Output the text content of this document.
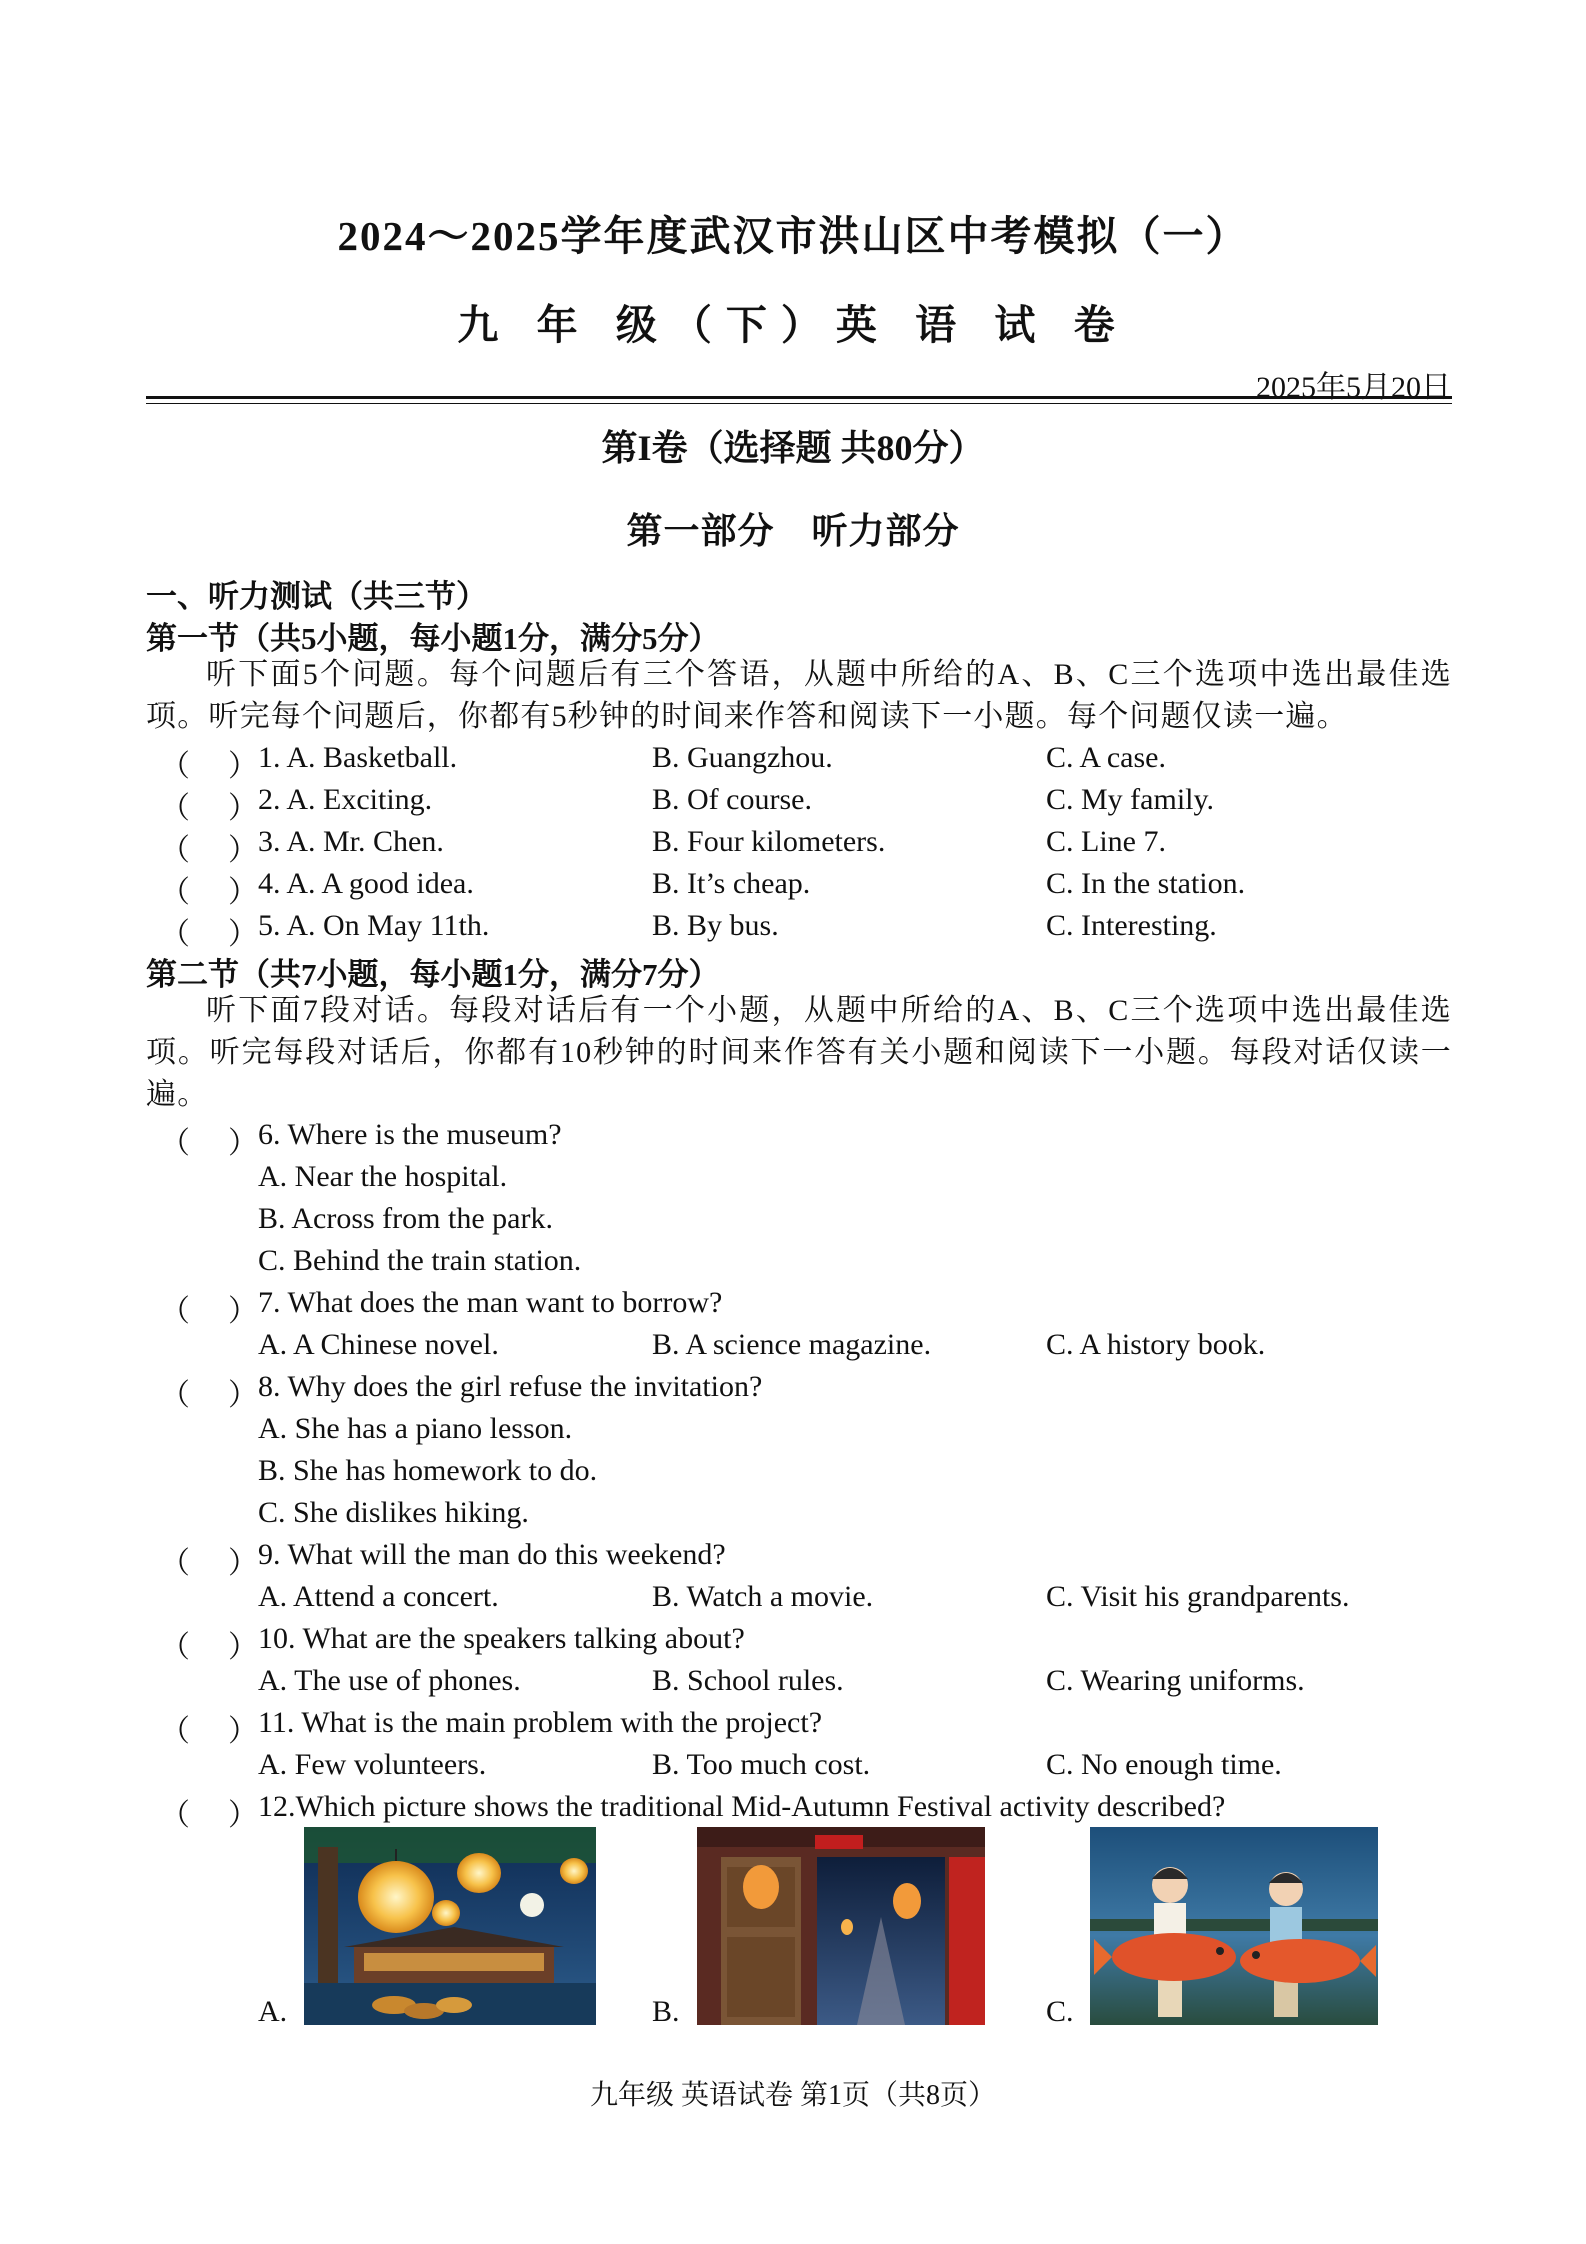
2024～2025学年度武汉市洪山区中考模拟（一）
九 年 级（下）英 语 试 卷
2025年5月20日
第I卷（选择题 共80分）
第一部分　听力部分
一、听力测试（共三节）
第一节（共5小题，每小题1分，满分5分）
听下面5个问题。每个问题后有三个答语，从题中所给的A、B、C三个选项中选出最佳选项。听完每个问题后，你都有5秒钟的时间来作答和阅读下一小题。每个问题仅读一遍。
（ ） 1. A. Basketball.	B. Guangzhou.	C. A case.
（ ） 2. A. Exciting.	B. Of course.	C. My family.
（ ） 3. A. Mr. Chen.	B. Four kilometers.	C. Line 7.
（ ） 4. A. A good idea.	B. It’s cheap.	C. In the station.
（ ） 5. A. On May 11th.	B. By bus.	C. Interesting.
第二节（共7小题，每小题1分，满分7分）
听下面7段对话。每段对话后有一个小题，从题中所给的A、B、C三个选项中选出最佳选项。听完每段对话后，你都有10秒钟的时间来作答有关小题和阅读下一小题。每段对话仅读一遍。
（ ） 6. Where is the museum?
A. Near the hospital.
B. Across from the park.
C. Behind the train station.
（ ） 7. What does the man want to borrow?
A. A Chinese novel.	B. A science magazine.	C. A history book.
（ ） 8. Why does the girl refuse the invitation?
A. She has a piano lesson.
B. She has homework to do.
C. She dislikes hiking.
（ ） 9. What will the man do this weekend?
A. Attend a concert.	B. Watch a movie.	C. Visit his grandparents.
（ ） 10. What are the speakers talking about?
A. The use of phones.	B. School rules.	C. Wearing uniforms.
（ ） 11. What is the main problem with the project?
A. Few volunteers.	B. Too much cost.	C. No enough time.
（ ） 12.Which picture shows the traditional Mid-Autumn Festival activity described?
A.	B.	C.
九年级 英语试卷 第1页（共8页）
